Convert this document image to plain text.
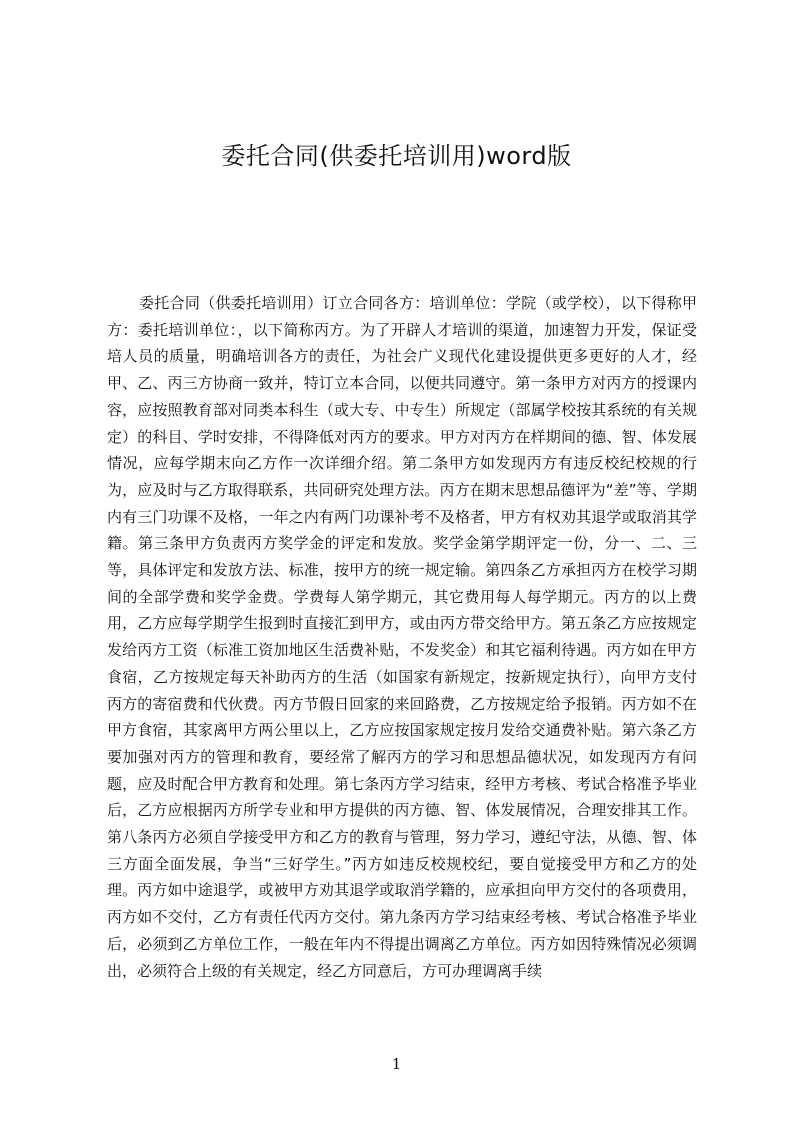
委托合同(供委托培训用)word版

委托合同（供委托培训用）订立合同各方：培训单位：学院（或学校），以下得称甲方：委托培训单位：，以下简称丙方。为了开辟人才培训的渠道，加速智力开发，保证受培人员的质量，明确培训各方的责任，为社会广义现代化建设提供更多更好的人才，经甲、乙、丙三方协商一致并，特订立本合同，以便共同遵守。第一条甲方对丙方的授课内容，应按照教育部对同类本科生（或大专、中专生）所规定（部属学校按其系统的有关规定）的科目、学时安排，不得降低对丙方的要求。甲方对丙方在样期间的德、智、体发展情况，应每学期末向乙方作一次详细介绍。第二条甲方如发现丙方有违反校纪校规的行为，应及时与乙方取得联系，共同研究处理方法。丙方在期末思想品德评为“差”等、学期内有三门功课不及格，一年之内有两门功课补考不及格者，甲方有权劝其退学或取消其学籍。第三条甲方负责丙方奖学金的评定和发放。奖学金第学期评定一份，分一、二、三等，具体评定和发放方法、标准，按甲方的统一规定输。第四条乙方承担丙方在校学习期间的全部学费和奖学金费。学费每人第学期元，其它费用每人每学期元。丙方的以上费用，乙方应每学期学生报到时直接汇到甲方，或由丙方带交给甲方。第五条乙方应按规定发给丙方工资（标准工资加地区生活费补贴，不发奖金）和其它福利待遇。丙方如在甲方食宿，乙方按规定每天补助丙方的生活（如国家有新规定，按新规定执行），向甲方支付丙方的寄宿费和代伙费。丙方节假日回家的来回路费，乙方按规定给予报销。丙方如不在甲方食宿，其家离甲方两公里以上，乙方应按国家规定按月发给交通费补贴。第六条乙方要加强对丙方的管理和教育，要经常了解丙方的学习和思想品德状况，如发现丙方有问题，应及时配合甲方教育和处理。第七条丙方学习结束，经甲方考核、考试合格准予毕业后，乙方应根据丙方所学专业和甲方提供的丙方德、智、体发展情况，合理安排其工作。第八条丙方必须自学接受甲方和乙方的教育与管理，努力学习，遵纪守法，从德、智、体三方面全面发展，争当“三好学生。”丙方如违反校规校纪，要自觉接受甲方和乙方的处理。丙方如中途退学，或被甲方劝其退学或取消学籍的，应承担向甲方交付的各项费用，丙方如不交付，乙方有责任代丙方交付。第九条丙方学习结束经考核、考试合格准予毕业后，必须到乙方单位工作，一般在年内不得提出调离乙方单位。丙方如因特殊情况必须调出，必须符合上级的有关规定，经乙方同意后，方可办理调离手续

1
